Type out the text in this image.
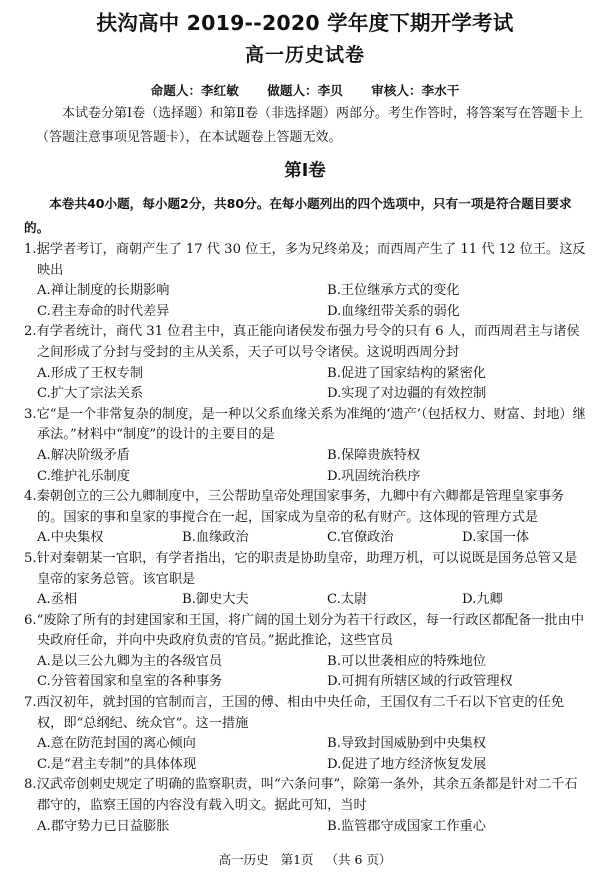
扶沟高中 2019--2020 学年度下期开学考试
高一历史试卷
命题人：李红敏 做题人：李贝 审核人：李水干
本试卷分第Ⅰ卷（选择题）和第Ⅱ卷（非选择题）两部分。考生作答时，将答案写在答题卡上（答题注意事项见答题卡），在本试题卷上答题无效。
第Ⅰ卷
本卷共40小题，每小题2分，共80分。在每小题列出的四个选项中，只有一项是符合题目要求的。
1.据学者考订，商朝产生了 17 代 30 位王，多为兄终弟及；而西周产生了 11 代 12 位王。这反映出
A.禅让制度的长期影响	B.王位继承方式的变化
C.君主寿命的时代差异	D.血缘纽带关系的弱化
2.有学者统计，商代 31 位君主中，真正能向诸侯发布强力号令的只有 6 人，而西周君主与诸侯之间形成了分封与受封的主从关系，天子可以号令诸侯。这说明西周分封
A.形成了王权专制	B.促进了国家结构的紧密化
C.扩大了宗法关系	D.实现了对边疆的有效控制
3.它“是一个非常复杂的制度，是一种以父系血缘关系为准绳的‘遗产’（包括权力、财富、封地）继承法。”材料中“制度”的设计的主要目的是
A.解决阶级矛盾	B.保障贵族特权
C.维护礼乐制度	D.巩固统治秩序
4.秦朝创立的三公九卿制度中，三公帮助皇帝处理国家事务，九卿中有六卿都是管理皇家事务的。国家的事和皇家的事搅合在一起，国家成为皇帝的私有财产。这体现的管理方式是
A.中央集权	B.血缘政治	C.官僚政治	D.家国一体
5.针对秦朝某一官职，有学者指出，它的职责是协助皇帝，助理万机，可以说既是国务总管又是皇帝的家务总管。该官职是
A.丞相	B.御史大夫	C.太尉	D.九卿
6.“废除了所有的封建国家和王国，将广阔的国土划分为若干行政区，每一行政区都配备一批由中央政府任命，并向中央政府负责的官员。”据此推论，这些官员
A.是以三公九卿为主的各级官员	B.可以世袭相应的特殊地位
C.分管着国家和皇室的各种事务	D.可拥有所辖区域的行政管理权
7.西汉初年，就封国的官制而言，王国的傅、相由中央任命，王国仅有二千石以下官吏的任免权，即“总纲纪、统众官”。这一措施
A.意在防范封国的离心倾向	B.导致封国威胁到中央集权
C.是“君主专制”的具体体现	D.促进了地方经济恢复发展
8.汉武帝创刺史规定了明确的监察职责，叫“六条问事”，除第一条外，其余五条都是针对二千石郡守的，监察王国的内容没有载入明文。据此可知，当时
A.郡守势力已日益膨胀	B.监管郡守成国家工作重心
高一历史 第1页 （共 6 页）
